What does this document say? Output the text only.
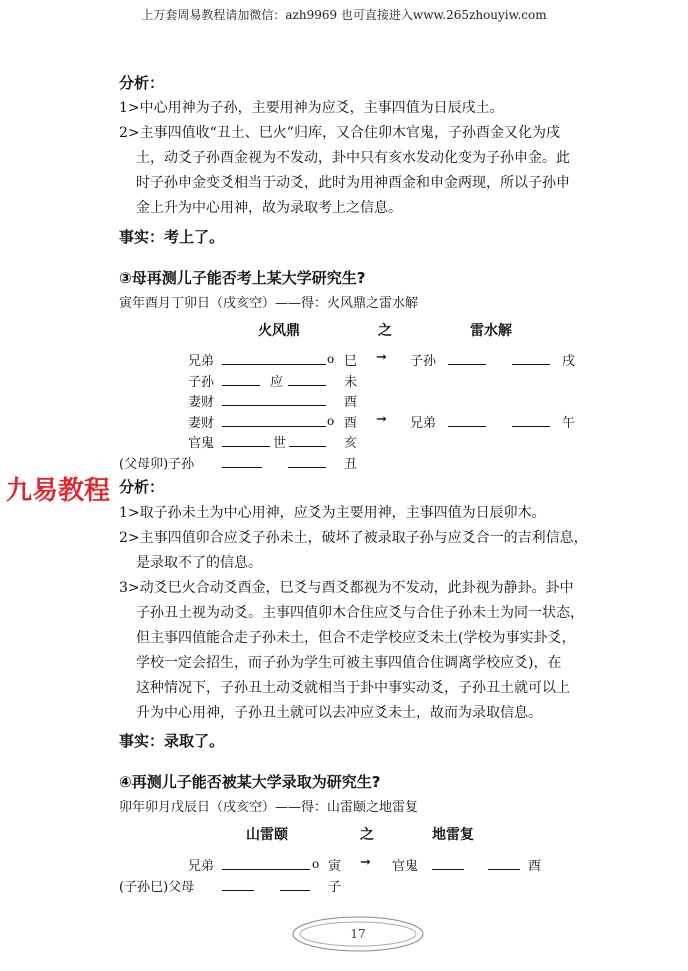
上万套周易教程请加微信：azh9969 也可直接进入www.265zhouyiw.com
分析：
1>中心用神为子孙，主要用神为应爻，主事四值为日辰戌土。
2>主事四值收“丑土、巳火”归库，又合住卯木官鬼，子孙酉金又化为戌
土，动爻子孙酉金视为不发动，卦中只有亥水发动化变为子孙申金。此
时子孙申金变爻相当于动爻，此时为用神酉金和申金两现，所以子孙申
金上升为中心用神，故为录取考上之信息。
事实：考上了。
③母再测儿子能否考上某大学研究生?
寅年酉月丁卯日（戌亥空）——得：火风鼎之雷水解
火风鼎	之	雷水解
兄弟	o 巳 ➞ 子孙	戌
子孙	应	未
妻财	酉
妻财	o 酉 ➞ 兄弟	午
官鬼	世	亥
(父母卯)子孙	丑
九易教程 分析：
1>取子孙未土为中心用神，应爻为主要用神，主事四值为日辰卯木。
2>主事四值卯合应爻子孙未土，破坏了被录取子孙与应爻合一的吉利信息，
是录取不了的信息。
3>动爻巳火合动爻酉金，巳爻与酉爻都视为不发动，此卦视为静卦。卦中
子孙丑土视为动爻。主事四值卯木合住应爻与合住子孙未土为同一状态，
但主事四值能合走子孙未土，但合不走学校应爻未土(学校为事实卦爻，
学校一定会招生，而子孙为学生可被主事四值合住调离学校应爻)，在
这种情况下，子孙丑土动爻就相当于卦中事实动爻，子孙丑土就可以上
升为中心用神，子孙丑土就可以去冲应爻未土，故而为录取信息。
事实：录取了。
④再测儿子能否被某大学录取为研究生?
卯年卯月戊辰日（戌亥空）——得：山雷颐之地雷复
山雷颐	之	地雷复
兄弟	o 寅 ➞ 官鬼	酉
(子孙巳)父母	子
17
